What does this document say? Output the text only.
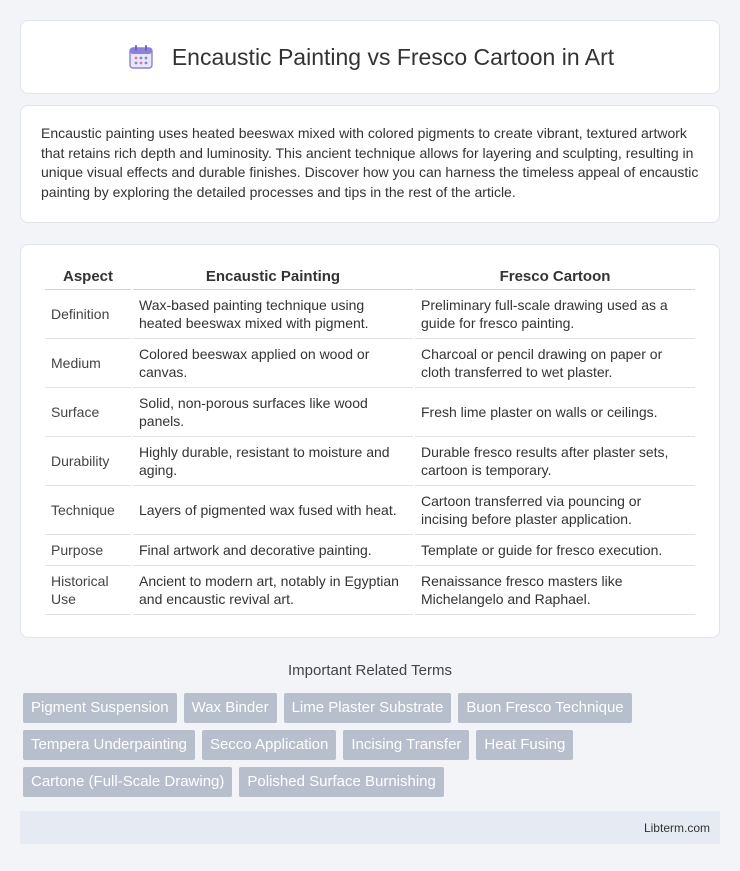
Encaustic Painting vs Fresco Cartoon in Art

Encaustic painting uses heated beeswax mixed with colored pigments to create vibrant, textured artwork that retains rich depth and luminosity. This ancient technique allows for layering and sculpting, resulting in unique visual effects and durable finishes. Discover how you can harness the timeless appeal of encaustic painting by exploring the detailed processes and tips in the rest of the article.

Aspect	Encaustic Painting	Fresco Cartoon
Definition	Wax-based painting technique using heated beeswax mixed with pigment.	Preliminary full-scale drawing used as a guide for fresco painting.
Medium	Colored beeswax applied on wood or canvas.	Charcoal or pencil drawing on paper or cloth transferred to wet plaster.
Surface	Solid, non-porous surfaces like wood panels.	Fresh lime plaster on walls or ceilings.
Durability	Highly durable, resistant to moisture and aging.	Durable fresco results after plaster sets, cartoon is temporary.
Technique	Layers of pigmented wax fused with heat.	Cartoon transferred via pouncing or incising before plaster application.
Purpose	Final artwork and decorative painting.	Template or guide for fresco execution.
Historical Use	Ancient to modern art, notably in Egyptian and encaustic revival art.	Renaissance fresco masters like Michelangelo and Raphael.
Important Related Terms
Pigment Suspension	Wax Binder	Lime Plaster Substrate	Buon Fresco Technique
Tempera Underpainting	Secco Application	Incising Transfer	Heat Fusing
Cartone (Full-Scale Drawing)	Polished Surface Burnishing
Libterm.com
